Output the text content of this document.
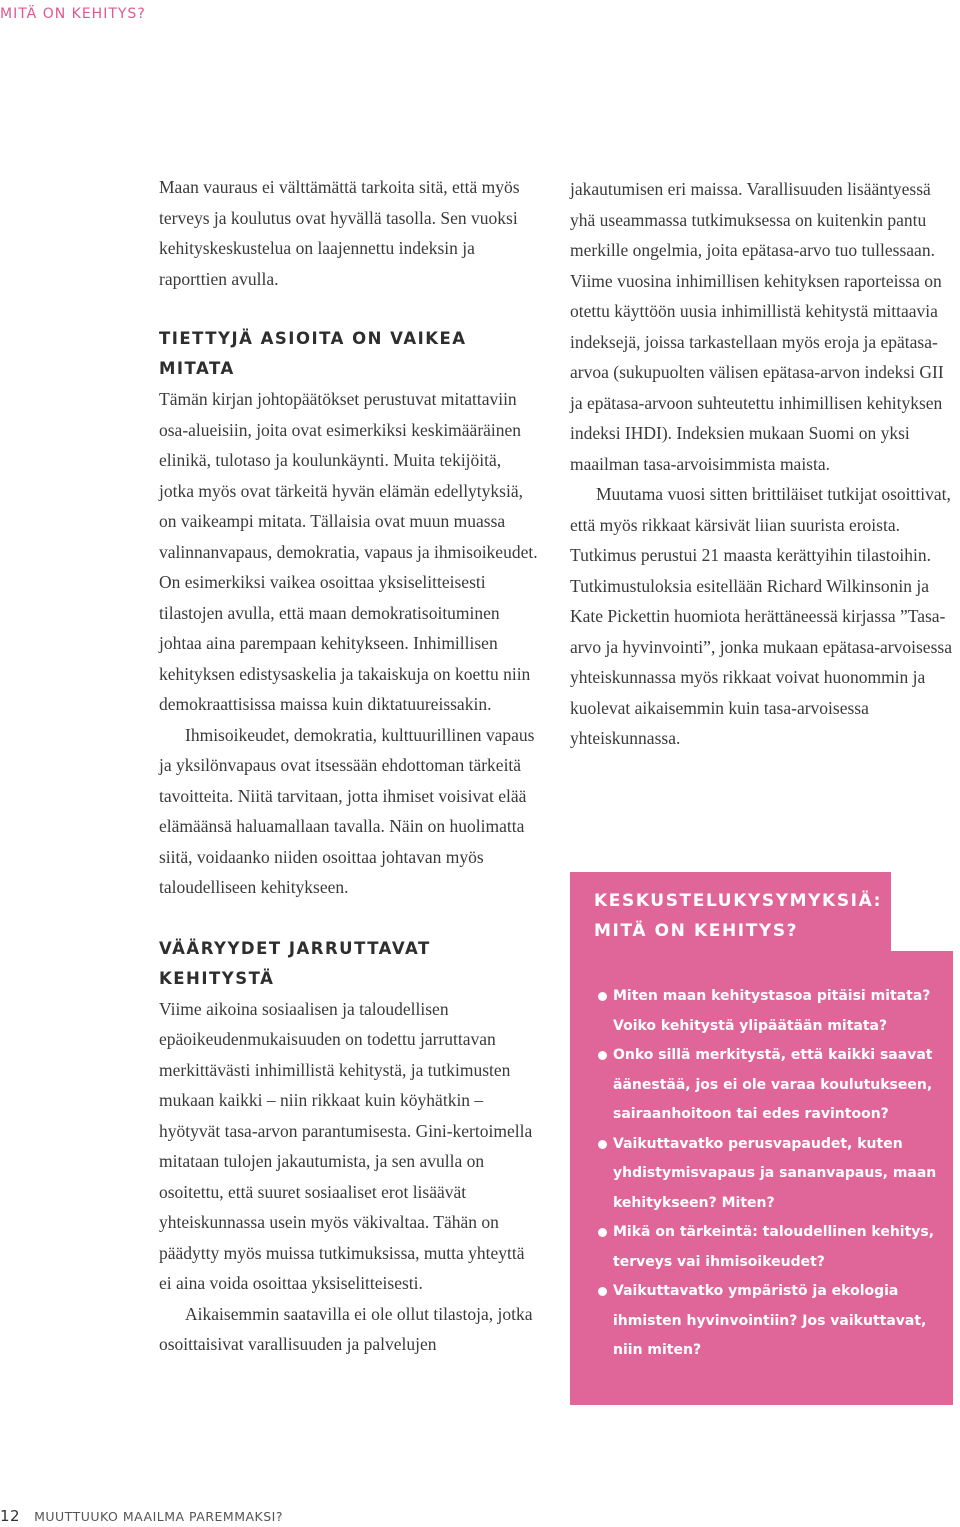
MITÄ ON KEHITYS?

Maan vauraus ei välttämättä tarkoita sitä, että myös terveys ja koulutus ovat hyvällä tasolla. Sen vuoksi kehityskeskustelua on laajennettu indeksin ja raporttien avulla.

TIETTYJÄ ASIOITA ON VAIKEA MITATA

Tämän kirjan johtopäätökset perustuvat mitattaviin osa-alueisiin, joita ovat esimerkiksi keskimääräinen elinikä, tulotaso ja koulunkäynti. Muita tekijöitä, jotka myös ovat tärkeitä hyvän elämän edellytyksiä, on vaikeampi mitata. Tällaisia ovat muun muassa valinnanvapaus, demokratia, vapaus ja ihmisoikeudet. On esimerkiksi vaikea osoittaa yksiselitteisesti tilastojen avulla, että maan demokratisoituminen johtaa aina parempaan kehitykseen. Inhimillisen kehityksen edistysaskelia ja takaiskuja on koettu niin demokraattisissa maissa kuin diktatuureissakin.

Ihmisoikeudet, demokratia, kulttuurillinen vapaus ja yksilönvapaus ovat itsessään ehdottoman tärkeitä tavoitteita. Niitä tarvitaan, jotta ihmiset voisivat elää elämäänsä haluamallaan tavalla. Näin on huolimatta siitä, voidaanko niiden osoittaa johtavan myös taloudelliseen kehitykseen.

VÄÄRYYDET JARRUTTAVAT KEHITYSTÄ

Viime aikoina sosiaalisen ja taloudellisen epäoikeudenmukaisuuden on todettu jarruttavan merkittävästi inhimillistä kehitystä, ja tutkimusten mukaan kaikki – niin rikkaat kuin köyhätkin – hyötyvät tasa-arvon parantumisesta. Gini-kertoimella mitataan tulojen jakautumista, ja sen avulla on osoitettu, että suuret sosiaaliset erot lisäävät yhteiskunnassa usein myös väkivaltaa. Tähän on päädytty myös muissa tutkimuksissa, mutta yhteyttä ei aina voida osoittaa yksiselitteisesti.

Aikaisemmin saatavilla ei ole ollut tilastoja, jotka osoittaisivat varallisuuden ja palvelujen

jakautumisen eri maissa. Varallisuuden lisääntyessä yhä useammassa tutkimuksessa on kuitenkin pantu merkille ongelmia, joita epätasa-arvo tuo tullessaan. Viime vuosina inhimillisen kehityksen raporteissa on otettu käyttöön uusia inhimillistä kehitystä mittaavia indeksejä, joissa tarkastellaan myös eroja ja epätasa-arvoa (sukupuolten välisen epätasa-arvon indeksi GII ja epätasa-arvoon suhteutettu inhimillisen kehityksen indeksi IHDI). Indeksien mukaan Suomi on yksi maailman tasa-arvoisimmista maista.

Muutama vuosi sitten brittiläiset tutkijat osoittivat, että myös rikkaat kärsivät liian suurista eroista. Tutkimus perustui 21 maasta kerättyihin tilastoihin. Tutkimustuloksia esitellään Richard Wilkinsonin ja Kate Pickettin huomiota herättäneessä kirjassa ”Tasa-arvo ja hyvinvointi”, jonka mukaan epätasa-arvoisessa yhteiskunnassa myös rikkaat voivat huonommin ja kuolevat aikaisemmin kuin tasa-arvoisessa yhteiskunnassa.

KESKUSTELUKYSYMYKSIÄ:
MITÄ ON KEHITYS?
Miten maan kehitystasoa pitäisi mitata? Voiko kehitystä ylipäätään mitata?
Onko sillä merkitystä, että kaikki saavat äänestää, jos ei ole varaa koulutukseen, sairaanhoitoon tai edes ravintoon?
Vaikuttavatko perusvapaudet, kuten yhdistymisvapaus ja sananvapaus, maan kehitykseen? Miten?
Mikä on tärkeintä: taloudellinen kehitys, terveys vai ihmisoikeudet?
Vaikuttavatko ympäristö ja ekologia ihmisten hyvinvointiin? Jos vaikuttavat, niin miten?
12 MUUTTUUKO MAAILMA PAREMMAKSI?
